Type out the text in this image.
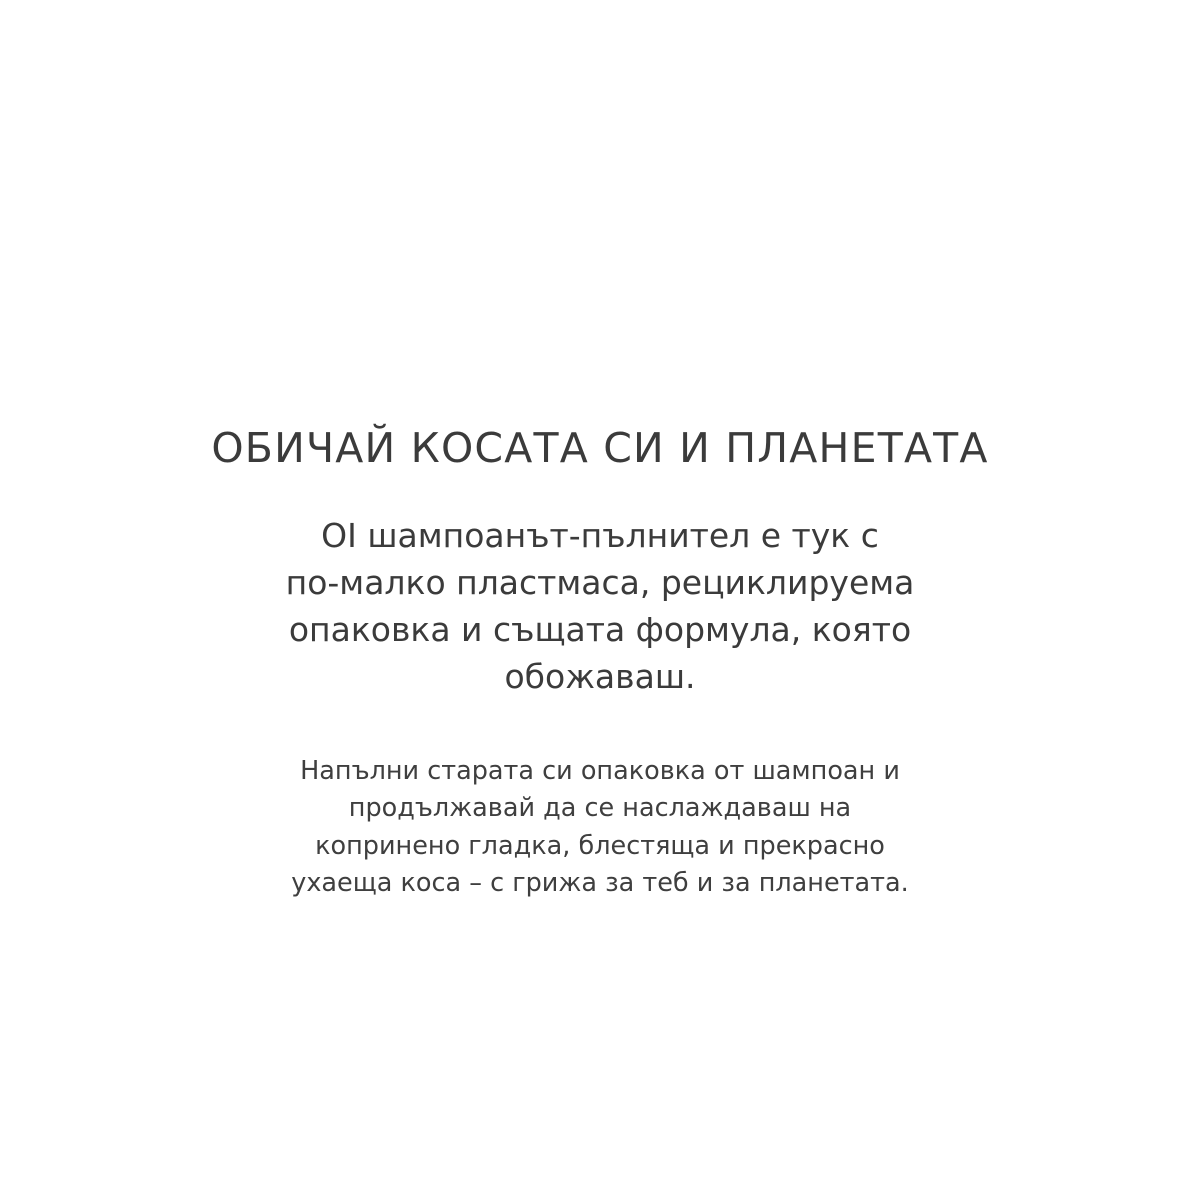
ОБИЧАЙ КОСАТА СИ И ПЛАНЕТАТА

OI шампоанът-пълнител е тук с
по-малко пластмаса, рециклируема
опаковка и същата формула, която
обожаваш.

Напълни старата си опаковка от шампоан и
продължавай да се наслаждаваш на
копринено гладка, блестяща и прекрасно
ухаеща коса – с грижа за теб и за планетата.
